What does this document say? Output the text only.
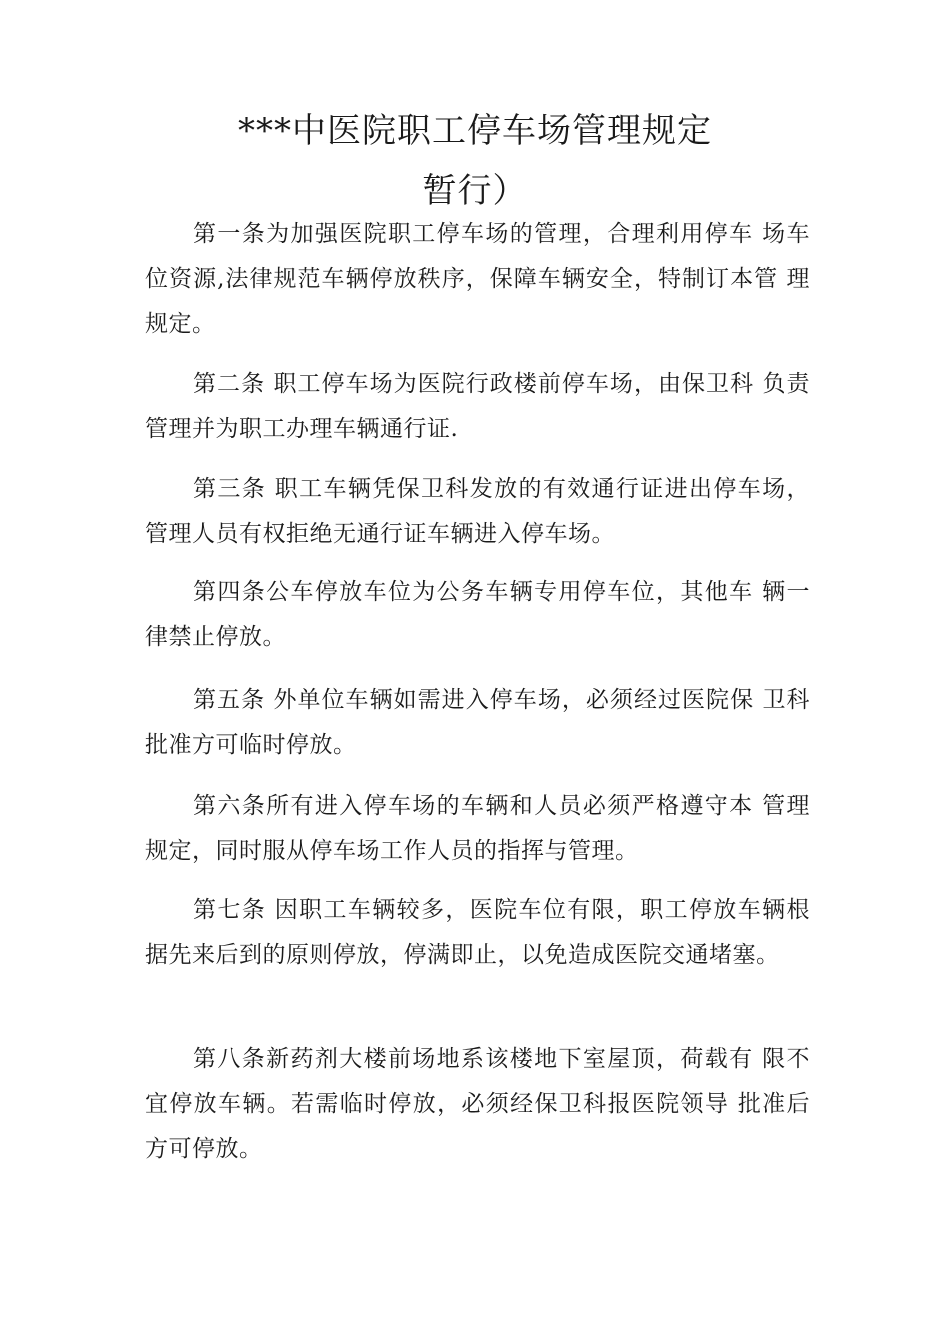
***中医院职工停车场管理规定
暂行）

第一条为加强医院职工停车场的管理，合理利用停车 场车位资源,法律规范车辆停放秩序，保障车辆安全，特制订本管 理规定。

第二条 职工停车场为医院行政楼前停车场，由保卫科 负责管理并为职工办理车辆通行证.

第三条 职工车辆凭保卫科发放的有效通行证进出停车场，管理人员有权拒绝无通行证车辆进入停车场。

第四条公车停放车位为公务车辆专用停车位，其他车 辆一律禁止停放。

第五条 外单位车辆如需进入停车场，必须经过医院保 卫科批准方可临时停放。

第六条所有进入停车场的车辆和人员必须严格遵守本 管理规定，同时服从停车场工作人员的指挥与管理。

第七条 因职工车辆较多，医院车位有限，职工停放车辆根据先来后到的原则停放，停满即止，以免造成医院交通堵塞。

第八条新药剂大楼前场地系该楼地下室屋顶，荷载有 限不宜停放车辆。若需临时停放，必须经保卫科报医院领导 批准后方可停放。
